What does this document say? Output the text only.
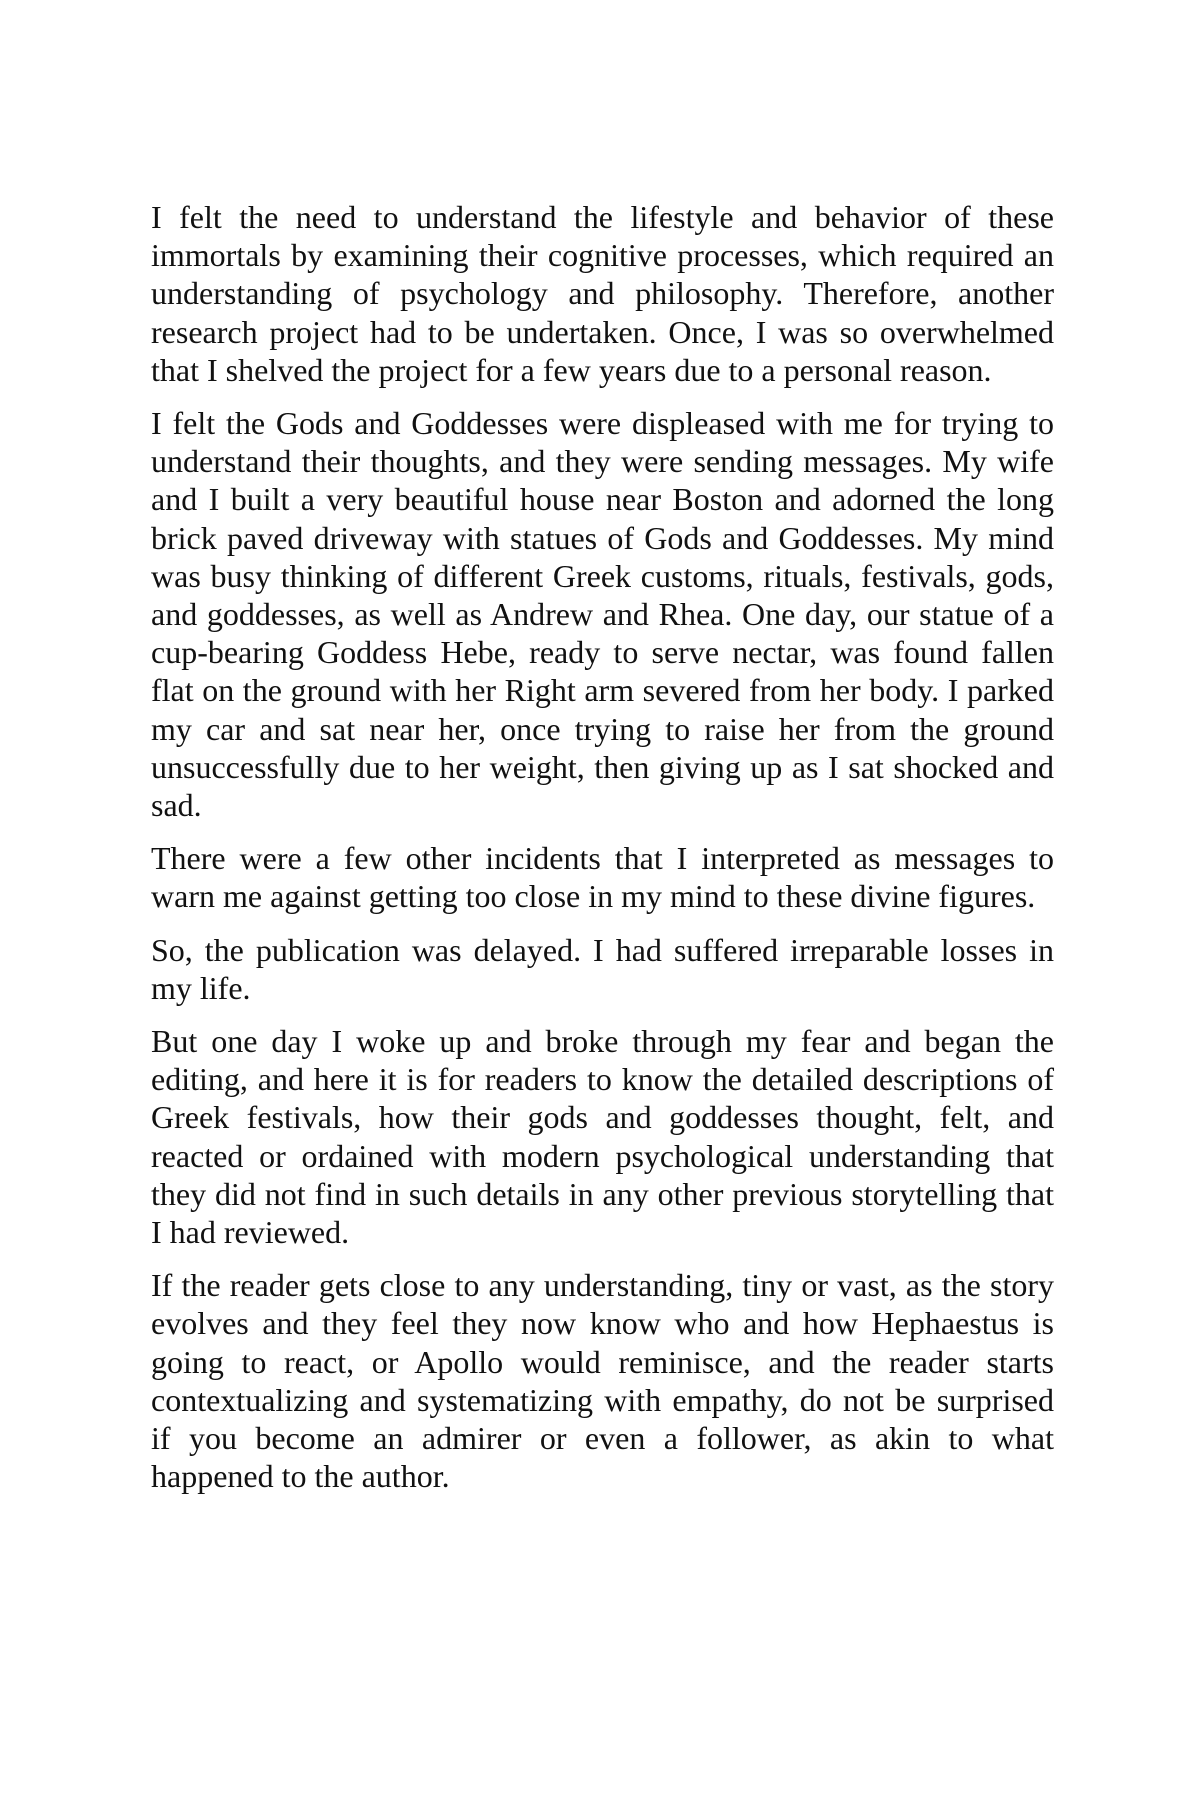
I felt the need to understand the lifestyle and behavior of these immortals by examining their cognitive processes, which required an understanding of psychology and philosophy. Therefore, another research project had to be undertaken. Once, I was so overwhelmed that I shelved the project for a few years due to a personal reason.

I felt the Gods and Goddesses were displeased with me for trying to understand their thoughts, and they were sending messages. My wife and I built a very beautiful house near Boston and adorned the long brick paved driveway with statues of Gods and Goddesses. My mind was busy thinking of different Greek customs, rituals, festivals, gods, and goddesses, as well as Andrew and Rhea. One day, our statue of a cup-bearing Goddess Hebe, ready to serve nectar, was found fallen flat on the ground with her Right arm severed from her body. I parked my car and sat near her, once trying to raise her from the ground unsuccessfully due to her weight, then giving up as I sat shocked and sad.

There were a few other incidents that I interpreted as messages to warn me against getting too close in my mind to these divine figures.

So, the publication was delayed. I had suffered irreparable losses in my life.

But one day I woke up and broke through my fear and began the editing, and here it is for readers to know the detailed descriptions of Greek festivals, how their gods and goddesses thought, felt, and reacted or ordained with modern psychological understanding that they did not find in such details in any other previous storytelling that I had reviewed.

If the reader gets close to any understanding, tiny or vast, as the story evolves and they feel they now know who and how Hephaestus is going to react, or Apollo would reminisce, and the reader starts contextualizing and systematizing with empathy, do not be surprised if you become an admirer or even a follower, as akin to what happened to the author.
